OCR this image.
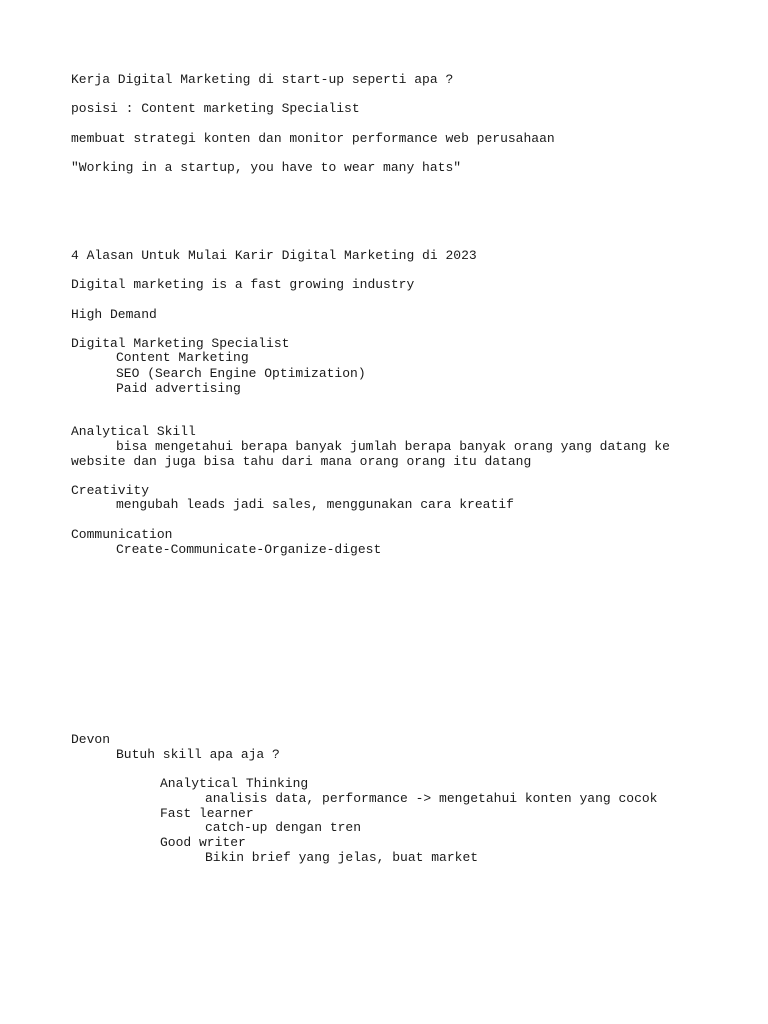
Kerja Digital Marketing di start-up seperti apa ?
posisi : Content marketing Specialist
membuat strategi konten dan monitor performance web perusahaan
"Working in a startup, you have to wear many hats"
4 Alasan Untuk Mulai Karir Digital Marketing di 2023
Digital marketing is a fast growing industry
High Demand
Digital Marketing Specialist
Content Marketing
SEO (Search Engine Optimization)
Paid advertising
Analytical Skill
bisa mengetahui berapa banyak jumlah berapa banyak orang yang datang ke
website dan juga bisa tahu dari mana orang orang itu datang
Creativity
mengubah leads jadi sales, menggunakan cara kreatif
Communication
Create-Communicate-Organize-digest
Devon
Butuh skill apa aja ?
Analytical Thinking
analisis data, performance -> mengetahui konten yang cocok
Fast learner
catch-up dengan tren
Good writer
Bikin brief yang jelas, buat market
